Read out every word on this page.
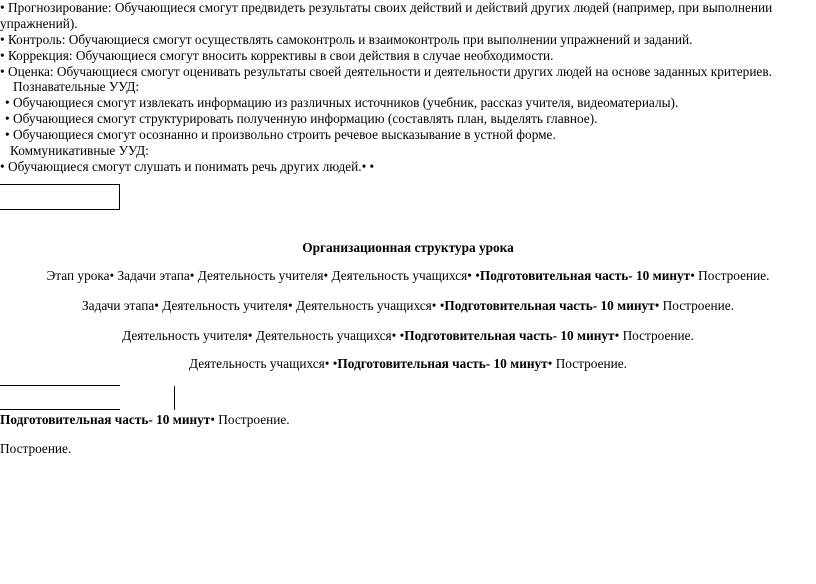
• Прогнозирование: Обучающиеся смогут предвидеть результаты своих действий и действий других людей (например, при выполнении
упражнений).
• Контроль: Обучающиеся смогут осуществлять самоконтроль и взаимоконтроль при выполнении упражнений и заданий.
• Коррекция: Обучающиеся смогут вносить коррективы в свои действия в случае необходимости.
• Оценка: Обучающиеся смогут оценивать результаты своей деятельности и деятельности других людей на основе заданных критериев.
Познавательные УУД:
• Обучающиеся смогут извлекать информацию из различных источников (учебник, рассказ учителя, видеоматериалы).
• Обучающиеся смогут структурировать полученную информацию (составлять план, выделять главное).
• Обучающиеся смогут осознанно и произвольно строить речевое высказывание в устной форме.
Коммуникативные УУД:
• Обучающиеся смогут слушать и понимать речь других людей.• •
Организационная структура урока
Этап урока• Задачи этапа• Деятельность учителя• Деятельность учащихся• •Подготовительная часть- 10 минут• Построение.
Задачи этапа• Деятельность учителя• Деятельность учащихся• •Подготовительная часть- 10 минут• Построение.
Деятельность учителя• Деятельность учащихся• •Подготовительная часть- 10 минут• Построение.
Деятельность учащихся• •Подготовительная часть- 10 минут• Построение.
Подготовительная часть- 10 минут• Построение.
Построение.
